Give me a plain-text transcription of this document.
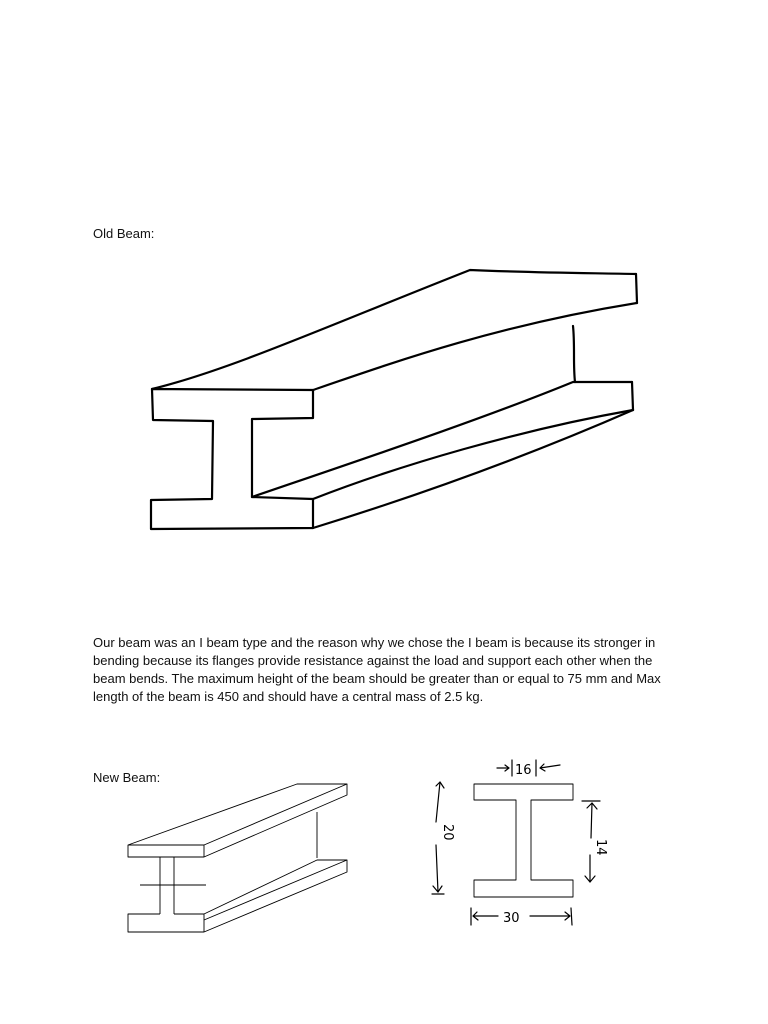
Old Beam:
Our beam was an I beam type and the reason why we chose the I beam is because its stronger in
bending because its flanges provide resistance against the load and support each other when the
beam bends. The maximum height of the beam should be greater than or equal to 75 mm and Max
length of the beam is 450 and should have a central mass of 2.5 kg.
New Beam:	16
20
14
30
